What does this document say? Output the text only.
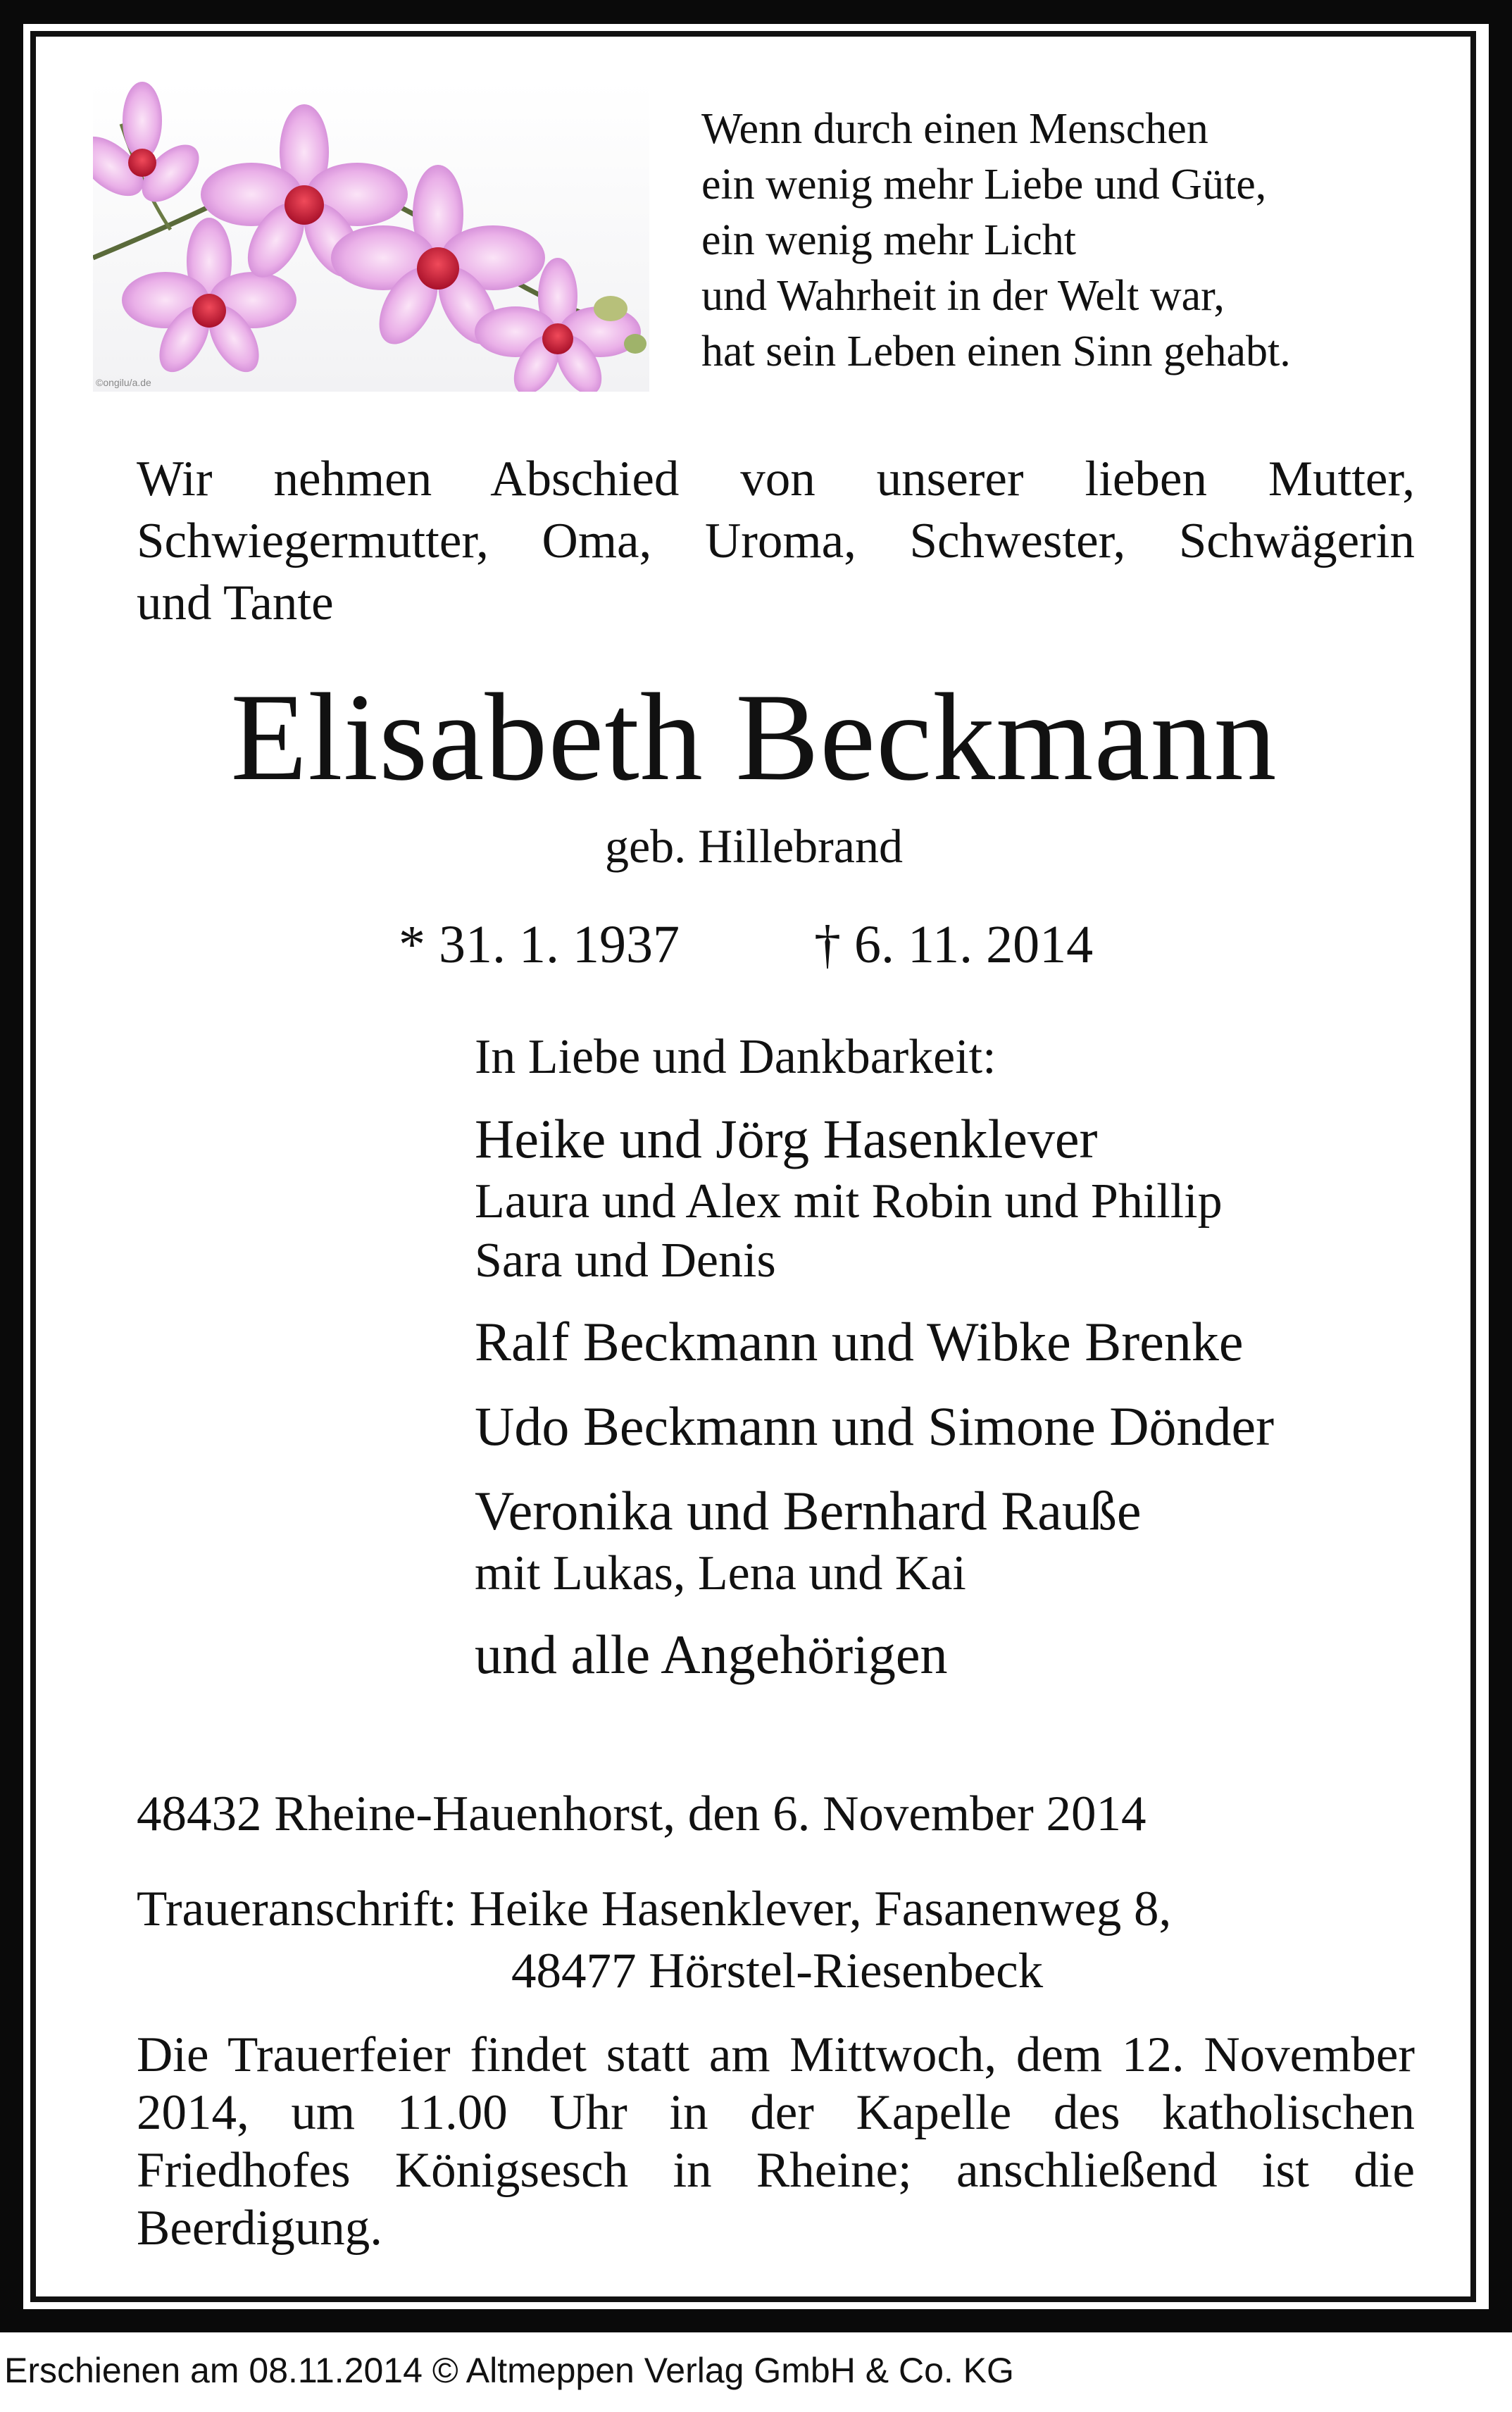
©ongilu/a.de
Wenn durch einen Menschen
ein wenig mehr Liebe und Güte,
ein wenig mehr Licht
und Wahrheit in der Welt war,
hat sein Leben einen Sinn gehabt.
Wir nehmen Abschied von unserer lieben Mutter,
Schwiegermutter, Oma, Uroma, Schwester, Schwägerin
und Tante
Elisabeth Beckmann
geb. Hillebrand
* 31. 1. 1937	† 6. 11. 2014
In Liebe und Dankbarkeit:
Heike und Jörg Hasenklever
Laura und Alex mit Robin und Phillip
Sara und Denis
Ralf Beckmann und Wibke Brenke
Udo Beckmann und Simone Dönder
Veronika und Bernhard Raußе
mit Lukas, Lena und Kai
und alle Angehörigen
48432 Rheine-Hauenhorst, den 6. November 2014
Traueranschrift: Heike Hasenklever, Fasanenweg 8,
48477 Hörstel-Riesenbeck
Die Trauerfeier findet statt am Mittwoch, dem 12. November
2014, um 11.00 Uhr in der Kapelle des katholischen
Friedhofes Königsesch in Rheine; anschließend ist die
Beerdigung.
Erschienen am 08.11.2014 © Altmeppen Verlag GmbH & Co. KG
